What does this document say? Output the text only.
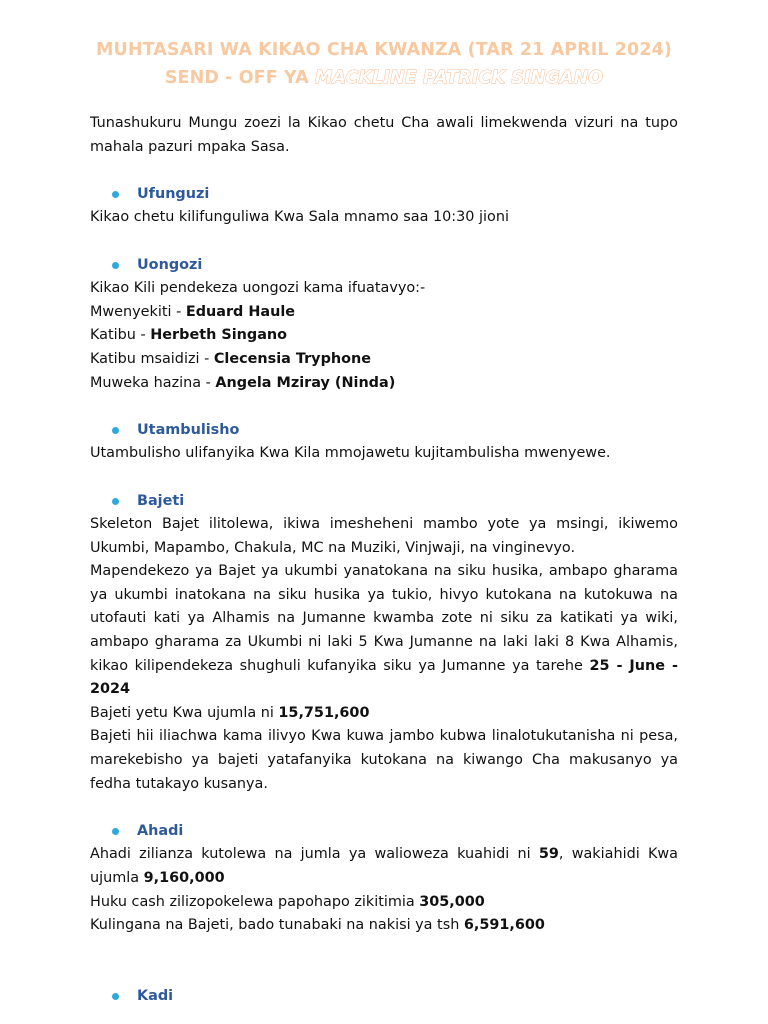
MUHTASARI WA KIKAO CHA KWANZA (TAR 21 APRIL 2024)
SEND - OFF YA MACKLINE PATRICK SINGANO

Tunashukuru Mungu zoezi la Kikao chetu Cha awali limekwenda vizuri na tupo mahala pazuri mpaka Sasa.

Ufunguzi

Kikao chetu kilifunguliwa Kwa Sala mnamo saa 10:30 jioni

Uongozi

Kikao Kili pendekeza uongozi kama ifuatavyo:-

Mwenyekiti - Eduard Haule

Katibu - Herbeth Singano

Katibu msaidizi - Clecensia Tryphone

Muweka hazina - Angela Mziray (Ninda)

Utambulisho

Utambulisho ulifanyika Kwa Kila mmojawetu kujitambulisha mwenyewe.

Bajeti

Skeleton Bajet ilitolewa, ikiwa imesheheni mambo yote ya msingi, ikiwemo Ukumbi, Mapambo, Chakula, MC na Muziki, Vinjwaji, na vinginevyo.

Mapendekezo ya Bajet ya ukumbi yanatokana na siku husika, ambapo gharama ya ukumbi inatokana na siku husika ya tukio, hivyo kutokana na kutokuwa na utofauti kati ya Alhamis na Jumanne kwamba zote ni siku za katikati ya wiki, ambapo gharama za Ukumbi ni laki 5 Kwa Jumanne na laki laki 8 Kwa Alhamis, kikao kilipendekeza shughuli kufanyika siku ya Jumanne ya tarehe 25 - June - 2024

Bajeti yetu Kwa ujumla ni 15,751,600

Bajeti hii iliachwa kama ilivyo Kwa kuwa jambo kubwa linalotukutanisha ni pesa, marekebisho ya bajeti yatafanyika kutokana na kiwango Cha makusanyo ya fedha tutakayo kusanya.

Ahadi

Ahadi zilianza kutolewa na jumla ya walioweza kuahidi ni 59, wakiahidi Kwa ujumla 9,160,000

Huku cash zilizopokelewa papohapo zikitimia 305,000

Kulingana na Bajeti, bado tunabaki na nakisi ya tsh 6,591,600

Kadi
